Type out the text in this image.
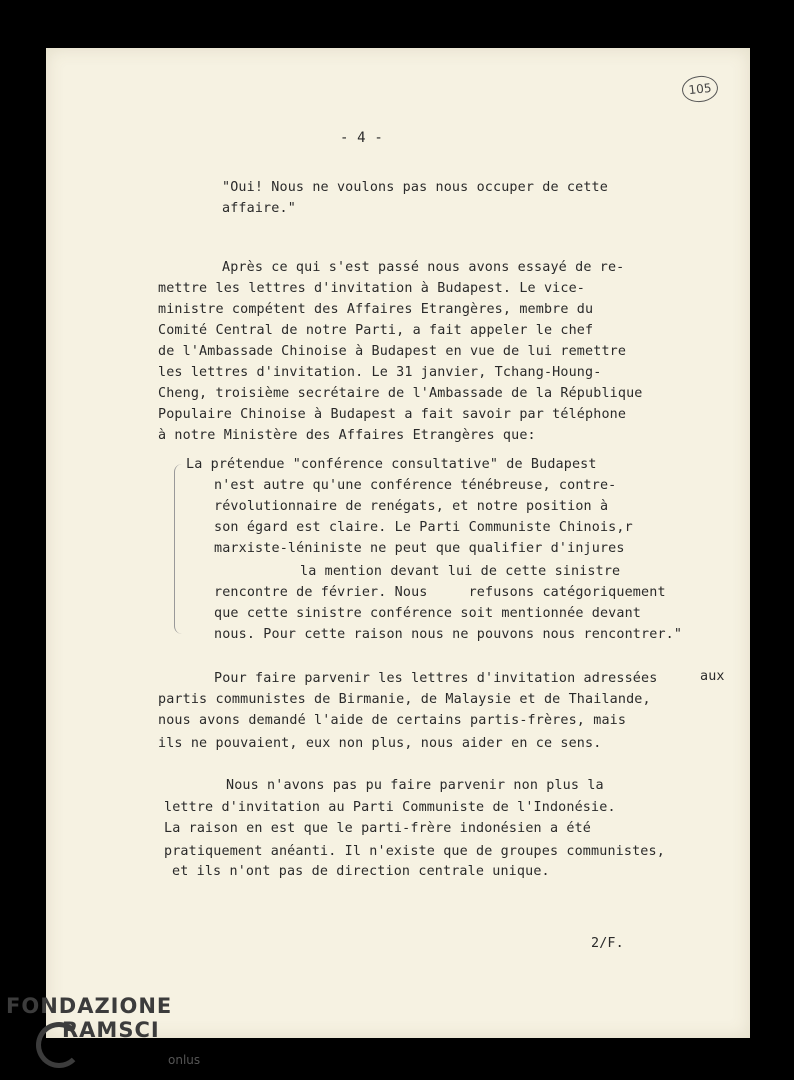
105
- 4 -
"Oui! Nous ne voulons pas nous occuper de cette
affaire."
Après ce qui s'est passé nous avons essayé de re-
mettre les lettres d'invitation à Budapest. Le vice-
ministre compétent des Affaires Etrangères, membre du
Comité Central de notre Parti, a fait appeler le chef
de l'Ambassade Chinoise à Budapest en vue de lui remettre
les lettres d'invitation. Le 31 janvier, Tchang-Houng-
Cheng, troisième secrétaire de l'Ambassade de la République
Populaire Chinoise à Budapest a fait savoir par téléphone
à notre Ministère des Affaires Etrangères que:
La prétendue "conférence consultative" de Budapest
n'est autre qu'une conférence ténébreuse, contre-
révolutionnaire de renégats, et notre position à
son égard est claire. Le Parti Communiste Chinois,r
marxiste-léniniste ne peut que qualifier d'injures
la mention devant lui de cette sinistre
rencontre de février. Nous     refusons catégoriquement
que cette sinistre conférence soit mentionnée devant
nous. Pour cette raison nous ne pouvons nous rencontrer."
Pour faire parvenir les lettres d'invitation adressées	aux
partis communistes de Birmanie, de Malaysie et de Thailande,
nous avons demandé l'aide de certains partis-frères, mais
ils ne pouvaient, eux non plus, nous aider en ce sens.
Nous n'avons pas pu faire parvenir non plus la
lettre d'invitation au Parti Communiste de l'Indonésie.
La raison en est que le parti-frère indonésien a été
pratiquement anéanti. Il n'existe que de groupes communistes,
et ils n'ont pas de direction centrale unique.
2/F.
FONDAZIONE
RAMSCI
onlus
